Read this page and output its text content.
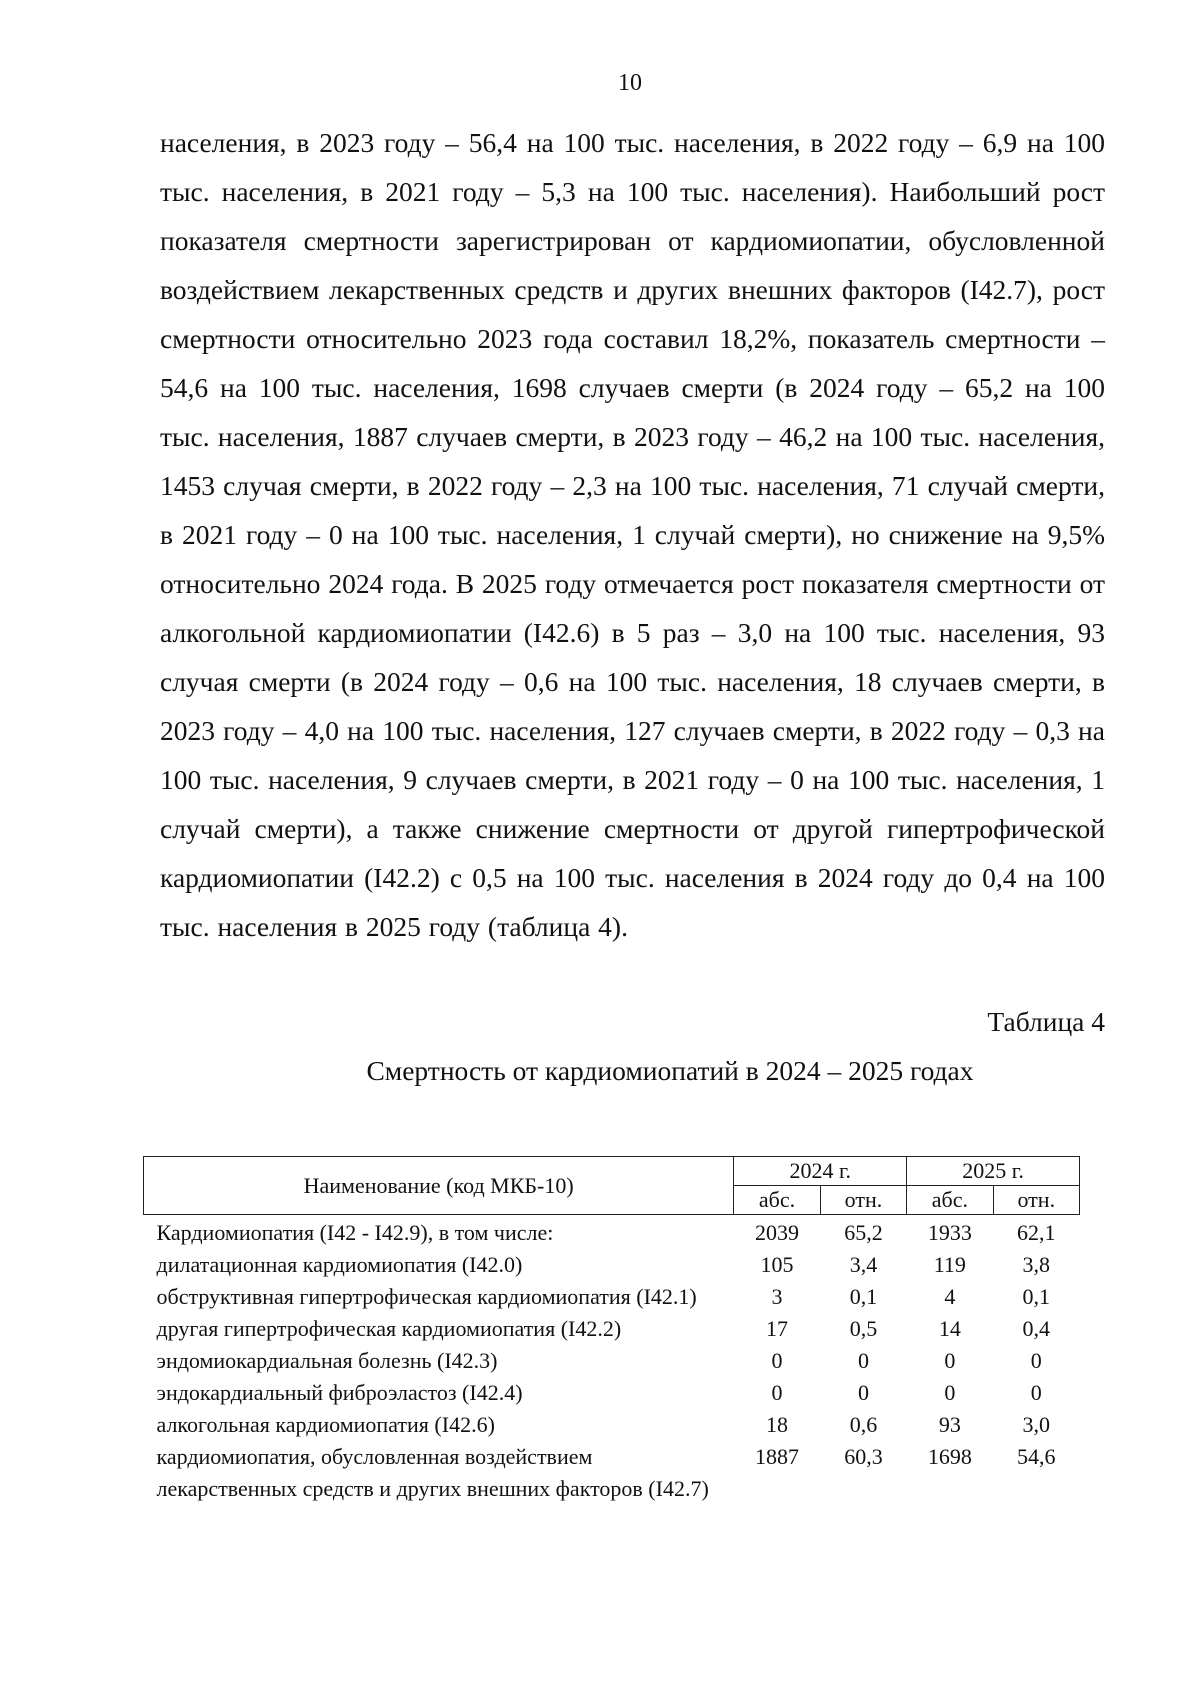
10

населения, в 2023 году – 56,4 на 100 тыс. населения, в 2022 году – 6,9 на 100 тыс. населения, в 2021 году – 5,3 на 100 тыс. населения). Наибольший рост показателя смертности зарегистрирован от кардиомиопатии, обусловленной воздействием лекарственных средств и других внешних факторов (I42.7), рост смертности относительно 2023 года составил 18,2%, показатель смертности – 54,6 на 100 тыс. населения, 1698 случаев смерти (в 2024 году – 65,2 на 100 тыс. населения, 1887 случаев смерти, в 2023 году – 46,2 на 100 тыс. населения, 1453 случая смерти, в 2022 году – 2,3 на 100 тыс. населения, 71 случай смерти, в 2021 году – 0 на 100 тыс. населения, 1 случай смерти), но снижение на 9,5% относительно 2024 года. В 2025 году отмечается рост показателя смертности от алкогольной кардиомиопатии (I42.6) в 5 раз – 3,0 на 100 тыс. населения, 93 случая смерти (в 2024 году – 0,6 на 100 тыс. населения, 18 случаев смерти, в 2023 году – 4,0 на 100 тыс. населения, 127 случаев смерти, в 2022 году – 0,3 на 100 тыс. населения, 9 случаев смерти, в 2021 году – 0 на 100 тыс. населения, 1 случай смерти), а также снижение смертности от другой гипертрофической кардиомиопатии (I42.2) с 0,5 на 100 тыс. населения в 2024 году до 0,4 на 100 тыс. населения в 2025 году (таблица 4).

Таблица 4
Смертность от кардиомиопатий в 2024 – 2025 годах
Наименование (код МКБ-10)	2024 г.		2025 г.	
	абс.	отн.	абс.	отн.
Кардиомиопатия (I42 - I42.9), в том числе:	2039	65,2	1933	62,1
дилатационная кардиомиопатия (I42.0)	105	3,4	119	3,8
обструктивная гипертрофическая кардиомиопатия (I42.1)	3	0,1	4	0,1
другая гипертрофическая кардиомиопатия (I42.2)	17	0,5	14	0,4
эндомиокардиальная болезнь (I42.3)	0	0	0	0
эндокардиальный фиброэластоз (I42.4)	0	0	0	0
алкогольная кардиомиопатия (I42.6)	18	0,6	93	3,0
кардиомиопатия, обусловленная воздействием лекарственных средств и других внешних факторов (I42.7)	1887	60,3	1698	54,6
